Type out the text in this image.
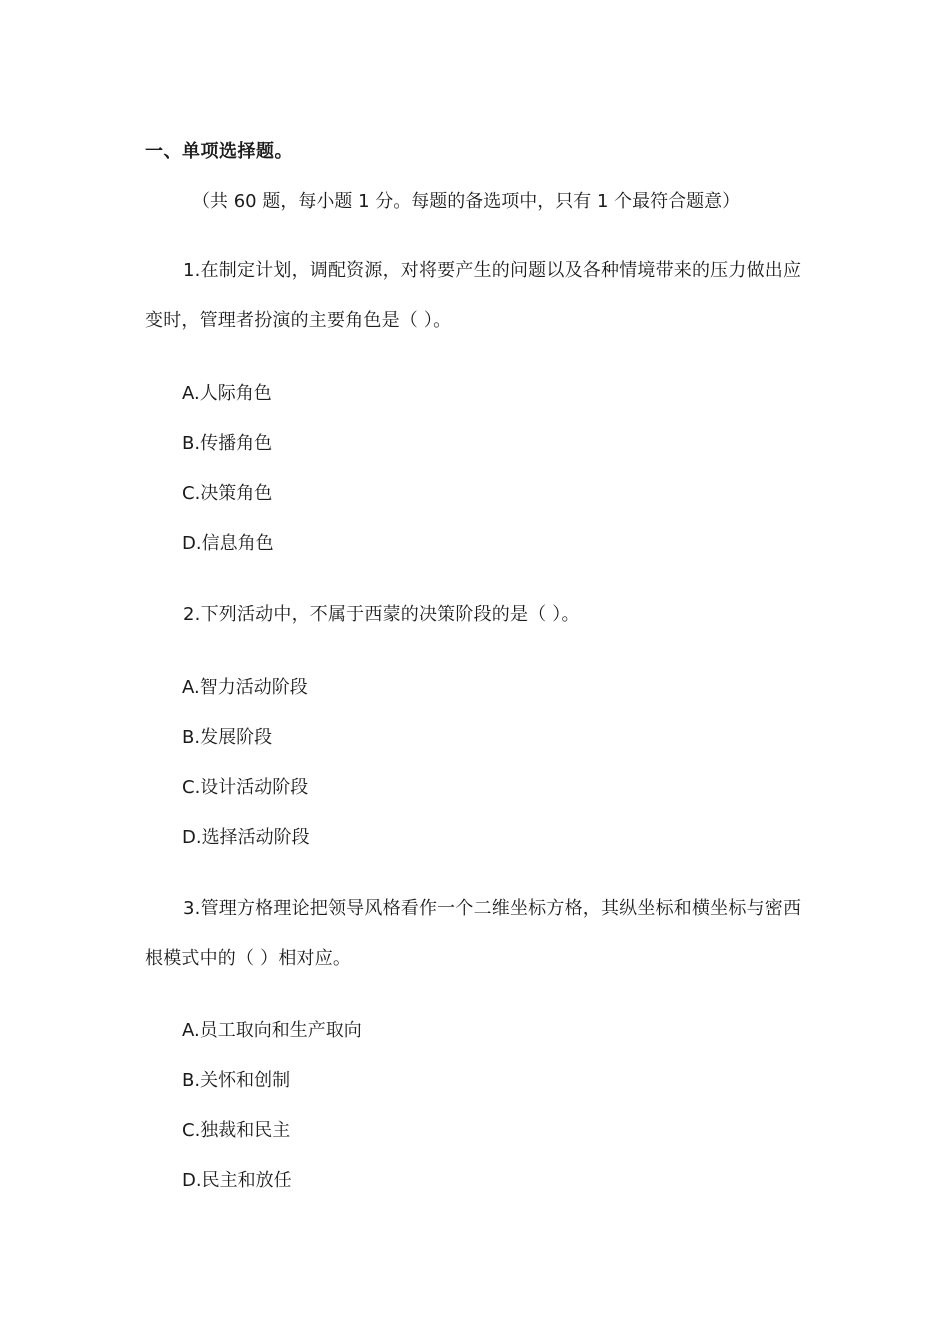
一、单项选择题。
（共 60 题，每小题 1 分。每题的备选项中，只有 1 个最符合题意）
1.在制定计划，调配资源，对将要产生的问题以及各种情境带来的压力做出应变时，管理者扮演的主要角色是（ ）。
A.人际角色
B.传播角色
C.决策角色
D.信息角色
2.下列活动中，不属于西蒙的决策阶段的是（ ）。
A.智力活动阶段
B.发展阶段
C.设计活动阶段
D.选择活动阶段
3.管理方格理论把领导风格看作一个二维坐标方格，其纵坐标和横坐标与密西根模式中的（ ）相对应。
A.员工取向和生产取向
B.关怀和创制
C.独裁和民主
D.民主和放任
